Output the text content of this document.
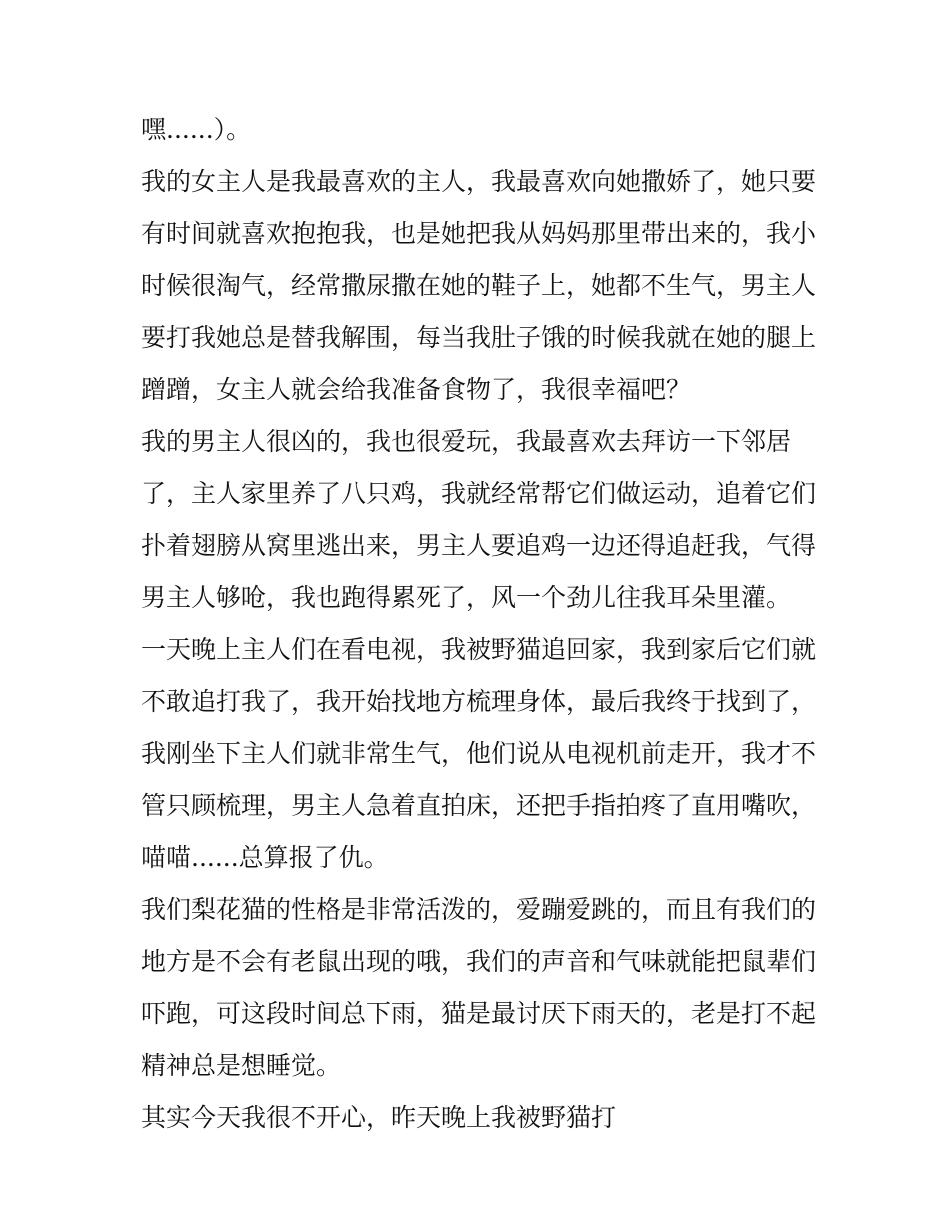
嘿......）。
我的女主人是我最喜欢的主人，我最喜欢向她撒娇了，她只要
有时间就喜欢抱抱我，也是她把我从妈妈那里带出来的，我小
时候很淘气，经常撒尿撒在她的鞋子上，她都不生气，男主人
要打我她总是替我解围，每当我肚子饿的时候我就在她的腿上
蹭蹭，女主人就会给我准备食物了，我很幸福吧？
我的男主人很凶的，我也很爱玩，我最喜欢去拜访一下邻居
了，主人家里养了八只鸡，我就经常帮它们做运动，追着它们
扑着翅膀从窝里逃出来，男主人要追鸡一边还得追赶我，气得
男主人够呛，我也跑得累死了，风一个劲儿往我耳朵里灌。
一天晚上主人们在看电视，我被野猫追回家，我到家后它们就
不敢追打我了，我开始找地方梳理身体，最后我终于找到了，
我刚坐下主人们就非常生气，他们说从电视机前走开，我才不
管只顾梳理，男主人急着直拍床，还把手指拍疼了直用嘴吹，
喵喵......总算报了仇。
我们梨花猫的性格是非常活泼的，爱蹦爱跳的，而且有我们的
地方是不会有老鼠出现的哦，我们的声音和气味就能把鼠辈们
吓跑，可这段时间总下雨，猫是最讨厌下雨天的，老是打不起
精神总是想睡觉。
其实今天我很不开心，昨天晚上我被野猫打
